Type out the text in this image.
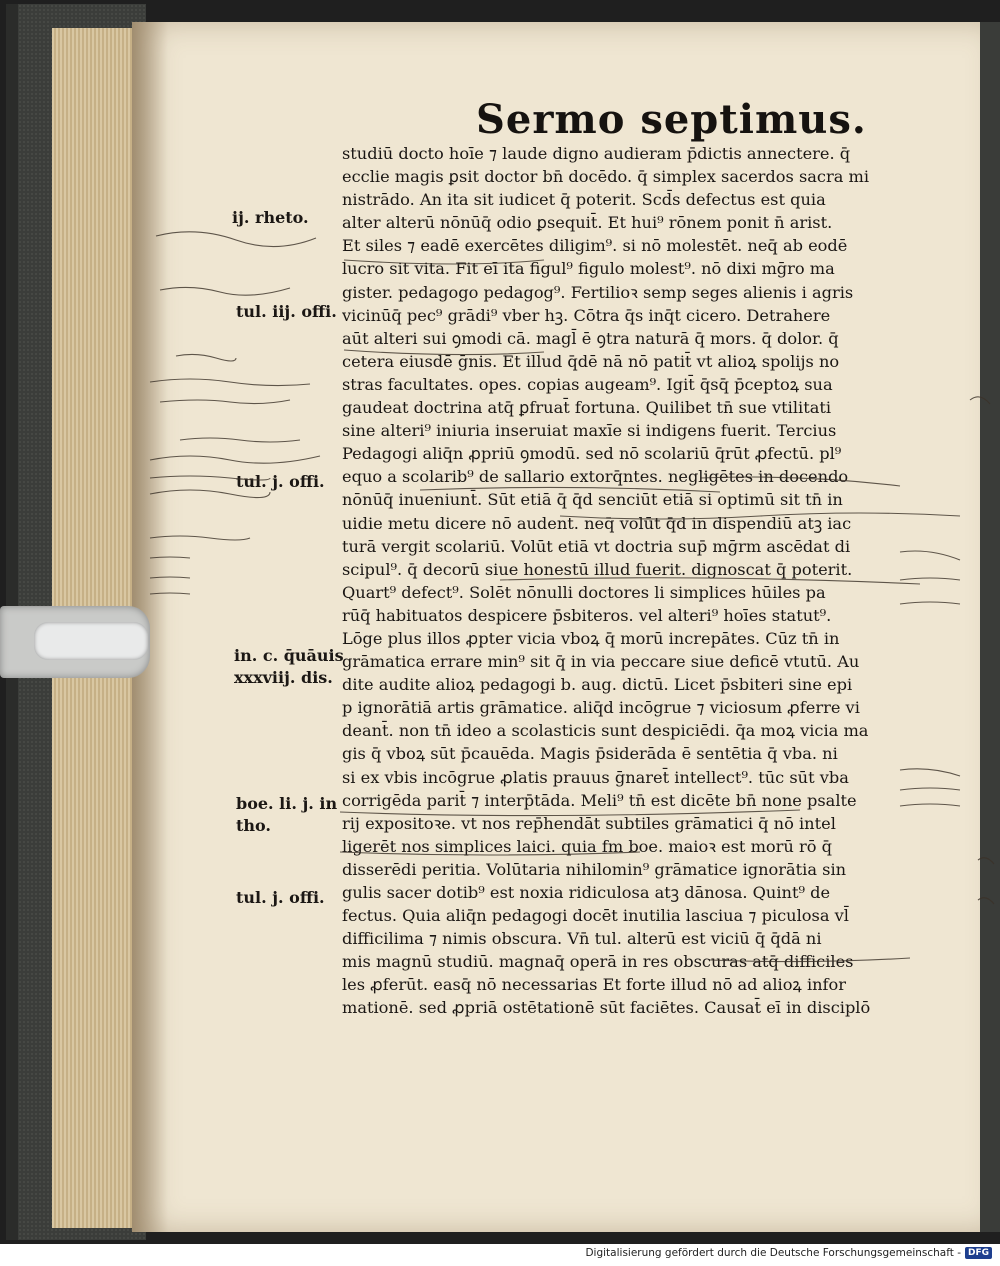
Sermo septimus.
studiū docto hoīe ⁊ laude digno audieram p̄dictis annectere. q̄
ecclie magis ꝑsit doctor bn̄ docēdo. q̄ simplex sacerdos sacra mi
nistrādo. An ita sit iudicet q̄ poterit. Scd̄s defectus est quia
alter alterū nōnūq̄ odio ꝑsequit̄. Et hui⁹ rōnem ponit n̄ arist.
Et siles ⁊ eadē exercētes diligim⁹. si nō molestēt. neq̄ ab eodē
lucro sit vita. Fit eī ita figul⁹ figulo molest⁹. nō dixi mḡro ma
gister. pedagogo pedagog⁹. Fertilioꝛ semp seges alienis i agris
vicinūq̄ pec⁹ grādi⁹ vber hꝫ. Cōtra q̄s inq̄t cicero. Detrahere
aūt alteri sui ꝯmodi cā. magl̄ ē ꝯtra naturā q̄ mors. q̄ dolor. q̄
cetera eiusdē ḡnis. Et illud q̄dē nā nō patit̄ vt alioꝝ spolijs no
stras facultates. opes. copias augeam⁹. Igit̄ q̄sq̄ p̄ceptoꝝ sua
gaudeat doctrina atq̄ ꝑfruat̄ fortuna. Quilibet tn̄ sue vtilitati
sine alteri⁹ iniuria inseruiat maxīe si indigens fuerit. Tercius
Pedagogi aliq̄n ꝓpriū ꝯmodū. sed nō scolariū q̄rūt ꝓfectū. pl⁹
equo a scolarib⁹ de sallario extorq̄ntes. negligētes in docendo
nōnūq̄ inueniunt̄. Sūt etiā q̄ q̄d senciūt etiā si optimū sit tn̄ in
uidie metu dicere nō audent. neq̄ volūt q̄d in dispendiū atꝫ iac
turā vergit scolariū. Volūt etiā vt doctria sup̄ mḡrm ascēdat di
scipul⁹. q̄ decorū siue honestū illud fuerit. dignoscat q̄ poterit.
Quart⁹ defect⁹. Solēt nōnulli doctores li simplices hūiles pa
rūq̄ habituatos despicere p̄sbiteros. vel alteri⁹ hoīes statut⁹.
Lōge plus illos ꝓpter vicia vboꝝ q̄ morū increpātes. Cūz tn̄ in
grāmatica errare min⁹ sit q̄ in via peccare siue deficē vtutū. Au
dite audite alioꝝ pedagogi b. aug. dictū. Licet p̄sbiteri sine epi
p ignorātiā artis grāmatice. aliq̄d incōgrue ⁊ viciosum ꝓferre vi
deant̄. non tn̄ ideo a scolasticis sunt despiciēdi. q̄a moꝝ vicia ma
gis q̄ vboꝝ sūt p̄cauēda. Magis p̄siderāda ē sentētia q̄ vba. ni
si ex vbis incōgrue ꝓlatis prauus ḡnaret̄ intellect⁹. tūc sūt vba
corrigēda parit̄ ⁊ interp̄tāda. Meli⁹ tn̄ est dicēte bn̄ none psalte
rij expositoꝛe. vt nos rep̄hendāt subtiles grāmatici q̄ nō intel
ligerēt nos simplices laici. quia fm boe. maioꝛ est morū rō q̄
disserēdi peritia. Volūtaria nihilomin⁹ grāmatice ignorātia sin
gulis sacer dotib⁹ est noxia ridiculosa atꝫ dānosa. Quint⁹ de
fectus. Quia aliq̄n pedagogi docēt inutilia lasciua ⁊ piculosa vl̄
difficilima ⁊ nimis obscura. Vn̄ tul. alterū est viciū q̄ q̄dā ni
mis magnū studiū. magnaq̄ operā in res obscuras atq̄ difficiles
les ꝓferūt. easq̄ nō necessarias Et forte illud nō ad alioꝝ infor
mationē. sed ꝓpriā ostētationē sūt faciētes. Causat̄ eī in disciplō
ij. rheto.
tul. iij. offi.
tul. j. offi.
in. c. q̄uāuis
xxxviij. dis.
boe. li. j. in
tho.
tul. j. offi.
Digitalisierung gefördert durch die Deutsche Forschungsgemeinschaft - DFG
